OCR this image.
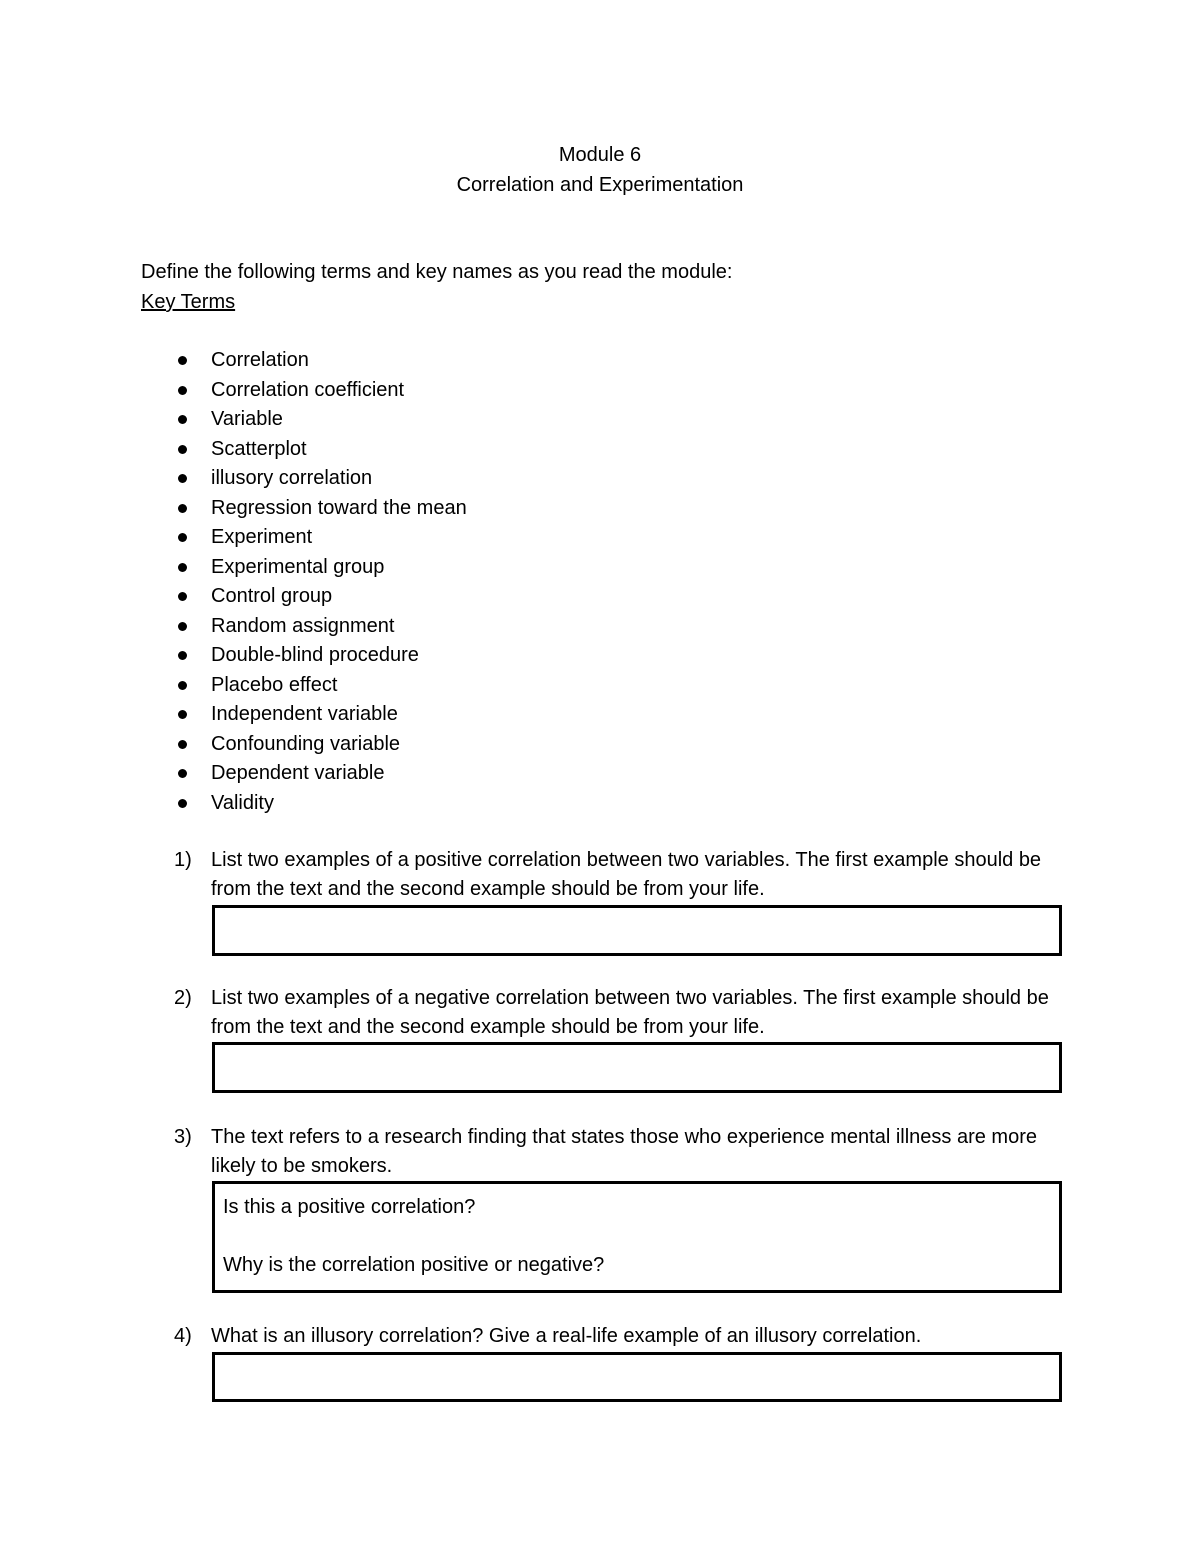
Module 6
Correlation and Experimentation
Define the following terms and key names as you read the module:
Key Terms
Correlation
Correlation coefficient
Variable
Scatterplot
illusory correlation
Regression toward the mean
Experiment
Experimental group
Control group
Random assignment
Double-blind procedure
Placebo effect
Independent variable
Confounding variable
Dependent variable
Validity
1) List two examples of a positive correlation between two variables. The first example should be from the text and the second example should be from your life.
2) List two examples of a negative correlation between two variables. The first example should be from the text and the second example should be from your life.
3) The text refers to a research finding that states those who experience mental illness are more likely to be smokers.
Is this a positive correlation?
Why is the correlation positive or negative?
4) What is an illusory correlation? Give a real-life example of an illusory correlation.
